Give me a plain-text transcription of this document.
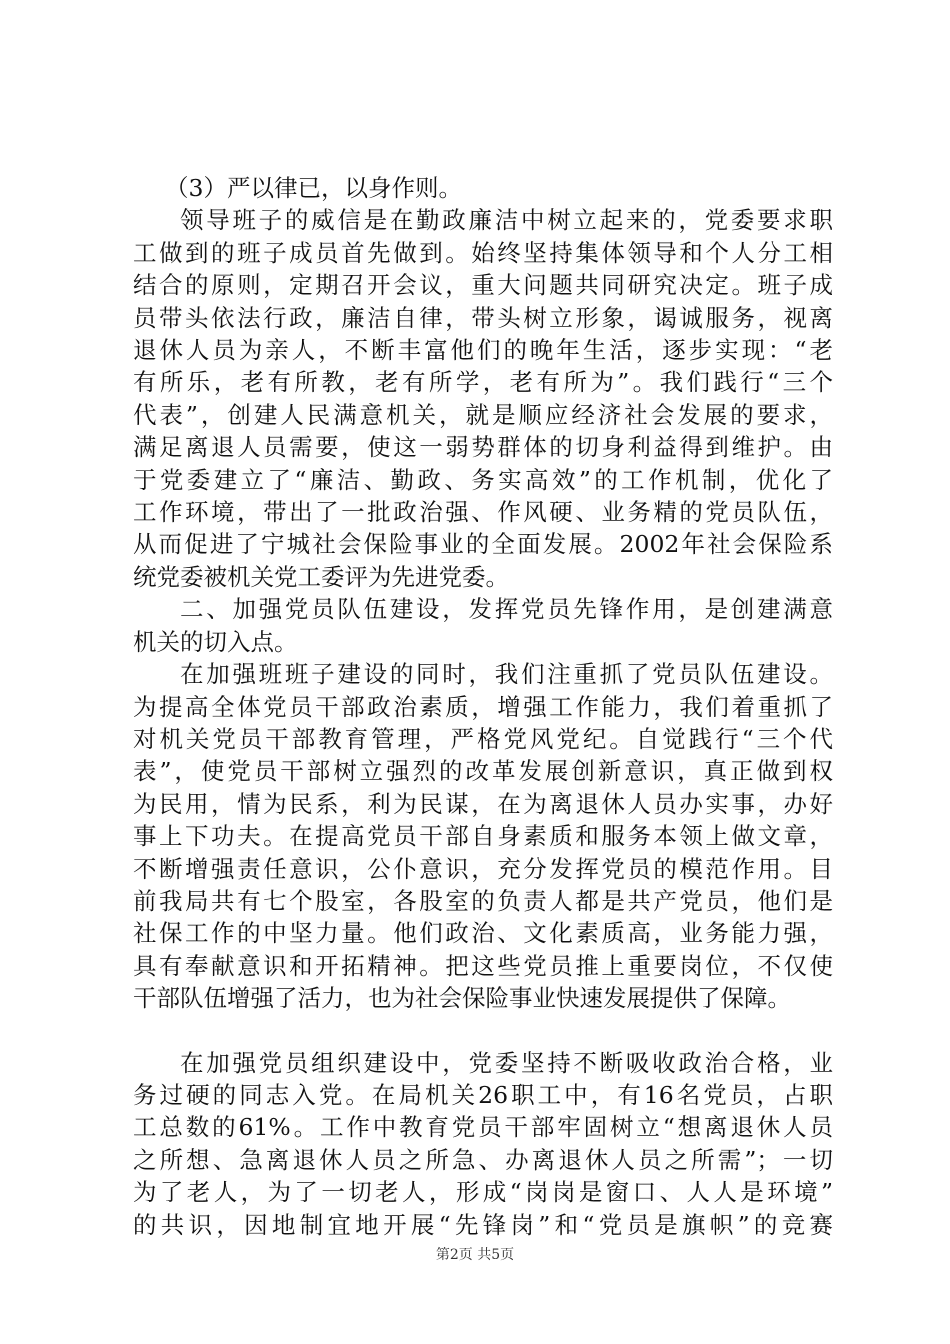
（3）严以律已，以身作则。
领导班子的威信是在勤政廉洁中树立起来的，党委要求职
工做到的班子成员首先做到。始终坚持集体领导和个人分工相
结合的原则，定期召开会议，重大问题共同研究决定。班子成
员带头依法行政，廉洁自律，带头树立形象，谒诚服务，视离
退休人员为亲人，不断丰富他们的晚年生活，逐步实现：“老
有所乐，老有所教，老有所学，老有所为”。我们践行“三个
代表”，创建人民满意机关，就是顺应经济社会发展的要求，
满足离退人员需要，使这一弱势群体的切身利益得到维护。由
于党委建立了“廉洁、勤政、务实高效”的工作机制，优化了
工作环境，带出了一批政治强、作风硬、业务精的党员队伍，
从而促进了宁城社会保险事业的全面发展。2002年社会保险系
统党委被机关党工委评为先进党委。
二、加强党员队伍建设，发挥党员先锋作用，是创建满意
机关的切入点。
在加强班班子建设的同时，我们注重抓了党员队伍建设。
为提高全体党员干部政治素质，增强工作能力，我们着重抓了
对机关党员干部教育管理，严格党风党纪。自觉践行“三个代
表”，使党员干部树立强烈的改革发展创新意识，真正做到权
为民用，情为民系，利为民谋，在为离退休人员办实事，办好
事上下功夫。在提高党员干部自身素质和服务本领上做文章，
不断增强责任意识，公仆意识，充分发挥党员的模范作用。目
前我局共有七个股室，各股室的负责人都是共产党员，他们是
社保工作的中坚力量。他们政治、文化素质高，业务能力强，
具有奉献意识和开拓精神。把这些党员推上重要岗位，不仅使
干部队伍增强了活力，也为社会保险事业快速发展提供了保障。
在加强党员组织建设中，党委坚持不断吸收政治合格，业
务过硬的同志入党。在局机关26职工中，有16名党员，占职
工总数的61%。工作中教育党员干部牢固树立“想离退休人员
之所想、急离退休人员之所急、办离退休人员之所需”；一切
为了老人，为了一切老人，形成“岗岗是窗口、人人是环境”
的共识，因地制宜地开展“先锋岗”和“党员是旗帜”的竞赛
第2页 共5页
